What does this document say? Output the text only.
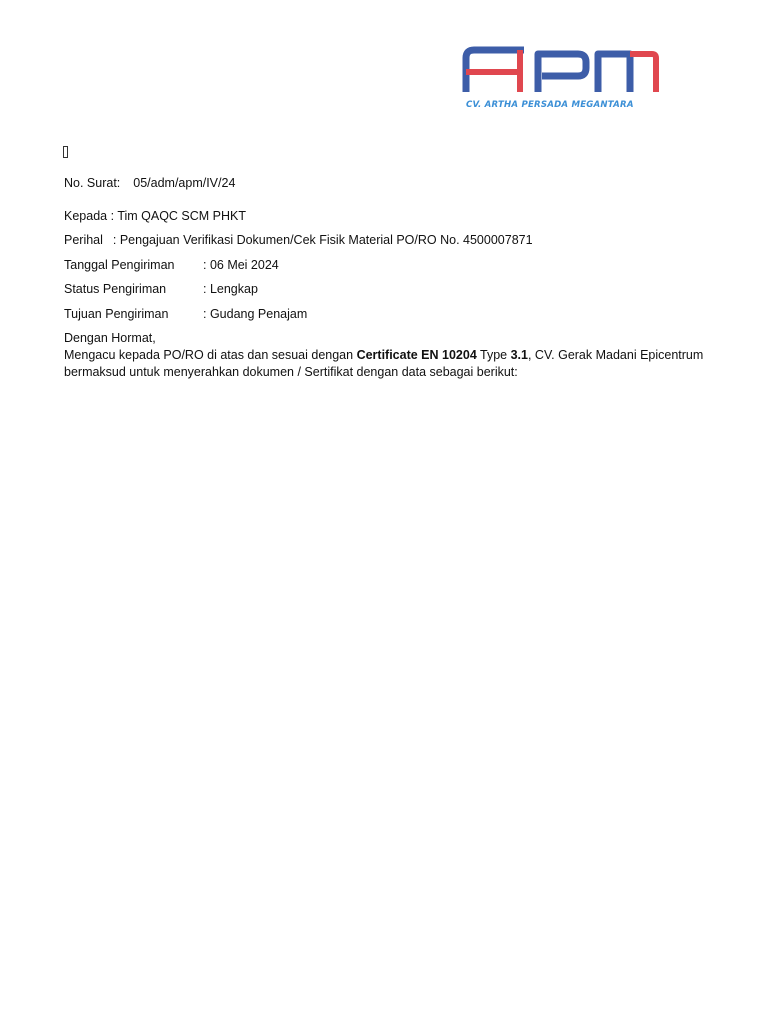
CV. ARTHA PERSADA MEGANTARA
No. Surat: 05/adm/apm/IV/24
Kepada : Tim QAQC SCM PHKT
Perihal : Pengajuan Verifikasi Dokumen/Cek Fisik Material PO/RO No. 4500007871
Tanggal Pengiriman : 06 Mei 2024
Status Pengiriman	: Lengkap
Tujuan Pengiriman	: Gudang Penajam
Dengan Hormat,
Mengacu kepada PO/RO di atas dan sesuai dengan Certificate EN 10204 Type 3.1, CV. Gerak Madani Epicentrum bermaksud untuk menyerahkan dokumen / Sertifikat dengan data sebagai berikut:
